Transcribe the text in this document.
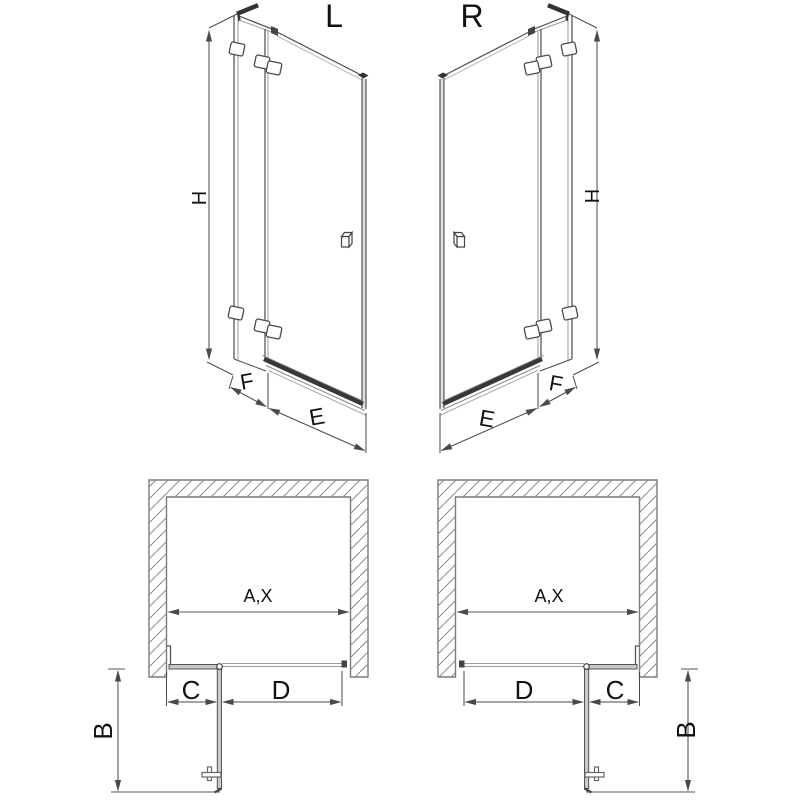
L	R
H
F
E
H
E
F
A,X
C	D
B
A,X
D	C
B
